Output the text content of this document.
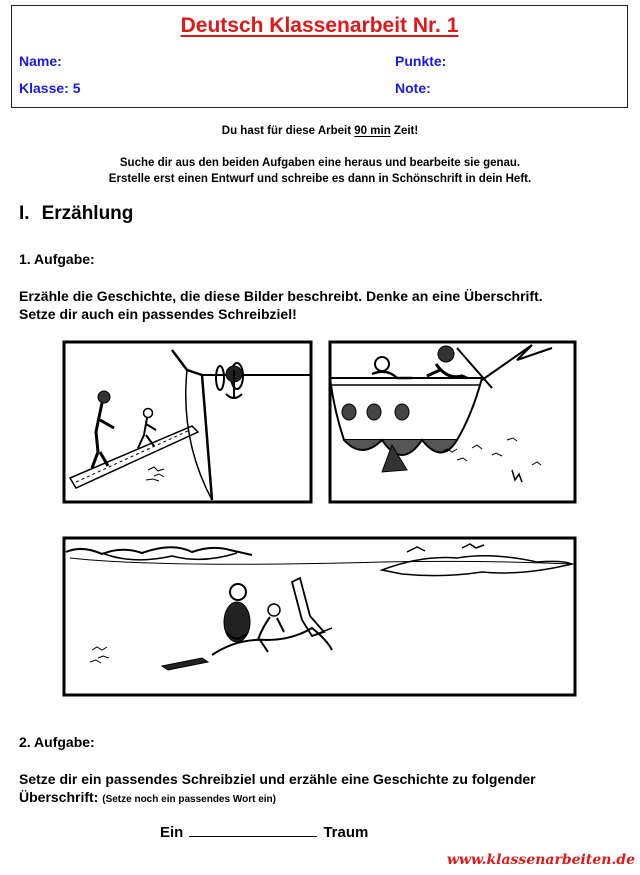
Deutsch Klassenarbeit Nr. 1
Name:
Klasse: 5
Punkte:
Note:
Du hast für diese Arbeit 90 min Zeit!
Suche dir aus den beiden Aufgaben eine heraus und bearbeite sie genau.
Erstelle erst einen Entwurf und schreibe es dann in Schönschrift in dein Heft.
I. Erzählung
1. Aufgabe:
Erzähle die Geschichte, die diese Bilder beschreibt. Denke an eine Überschrift.
Setze dir auch ein passendes Schreibziel!
2. Aufgabe:
Setze dir ein passendes Schreibziel und erzähle eine Geschichte zu folgender
Überschrift: (Setze noch ein passendes Wort ein)
Ein	Traum
www.klassenarbeiten.de
